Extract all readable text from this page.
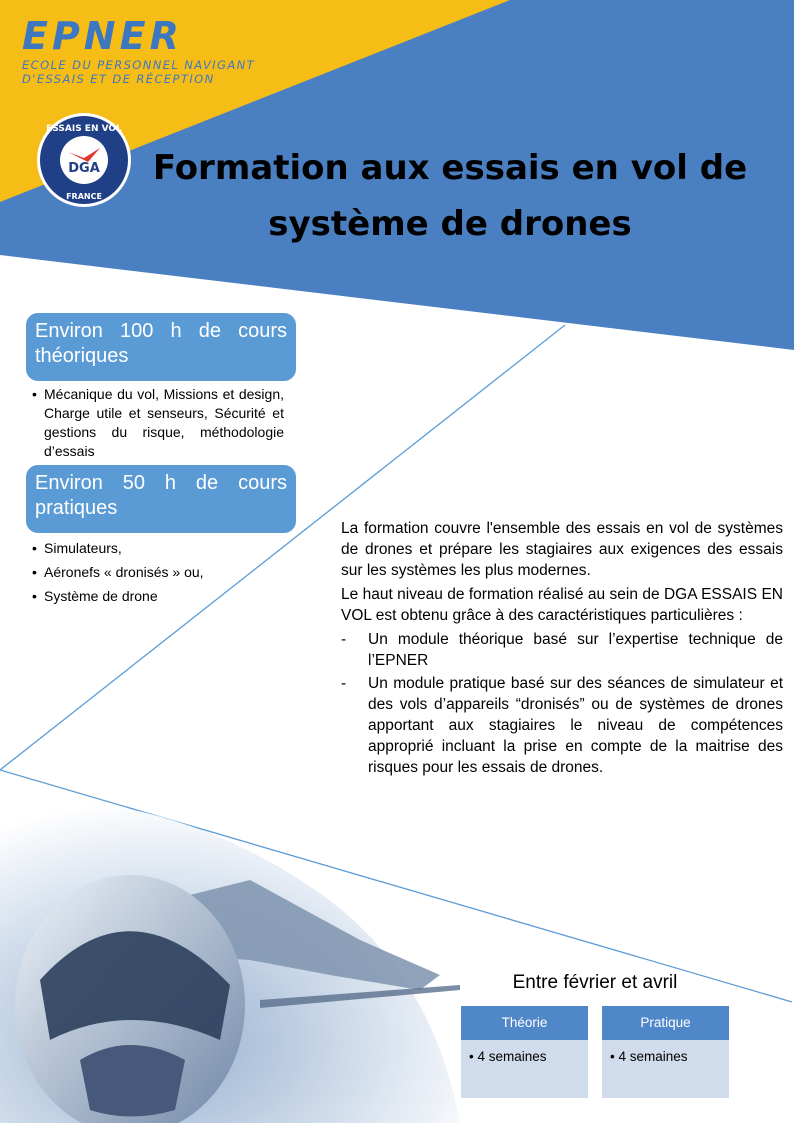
EPNER
ECOLE DU PERSONNEL NAVIGANT
D'ESSAIS ET DE RÉCEPTION
DGA
ESSAIS EN VOL
FRANCE
Formation aux essais en vol de
système de drones
Environ 100 h de cours théoriques
• Mécanique du vol, Missions et design, Charge utile et senseurs, Sécurité et gestions du risque, méthodologie d’essais
Environ 50 h de cours pratiques
• Simulateurs,
• Aéronefs « dronisés » ou,
• Système de drone

La formation couvre l'ensemble des essais en vol de systèmes de drones et prépare les stagiaires aux exigences des essais sur les systèmes les plus modernes.

Le haut niveau de formation réalisé au sein de DGA ESSAIS EN VOL est obtenu grâce à des caractéristiques particulières :

- Un module théorique basé sur l’expertise technique de l’EPNER
- Un module pratique basé sur des séances de simulateur et des vols d’appareils “dronisés” ou de systèmes de drones apportant aux stagiaires le niveau de compétences approprié incluant la prise en compte de la maitrise des risques pour les essais de drones.
Entre février et avril
Théorie
• 4 semaines
Pratique
• 4 semaines
